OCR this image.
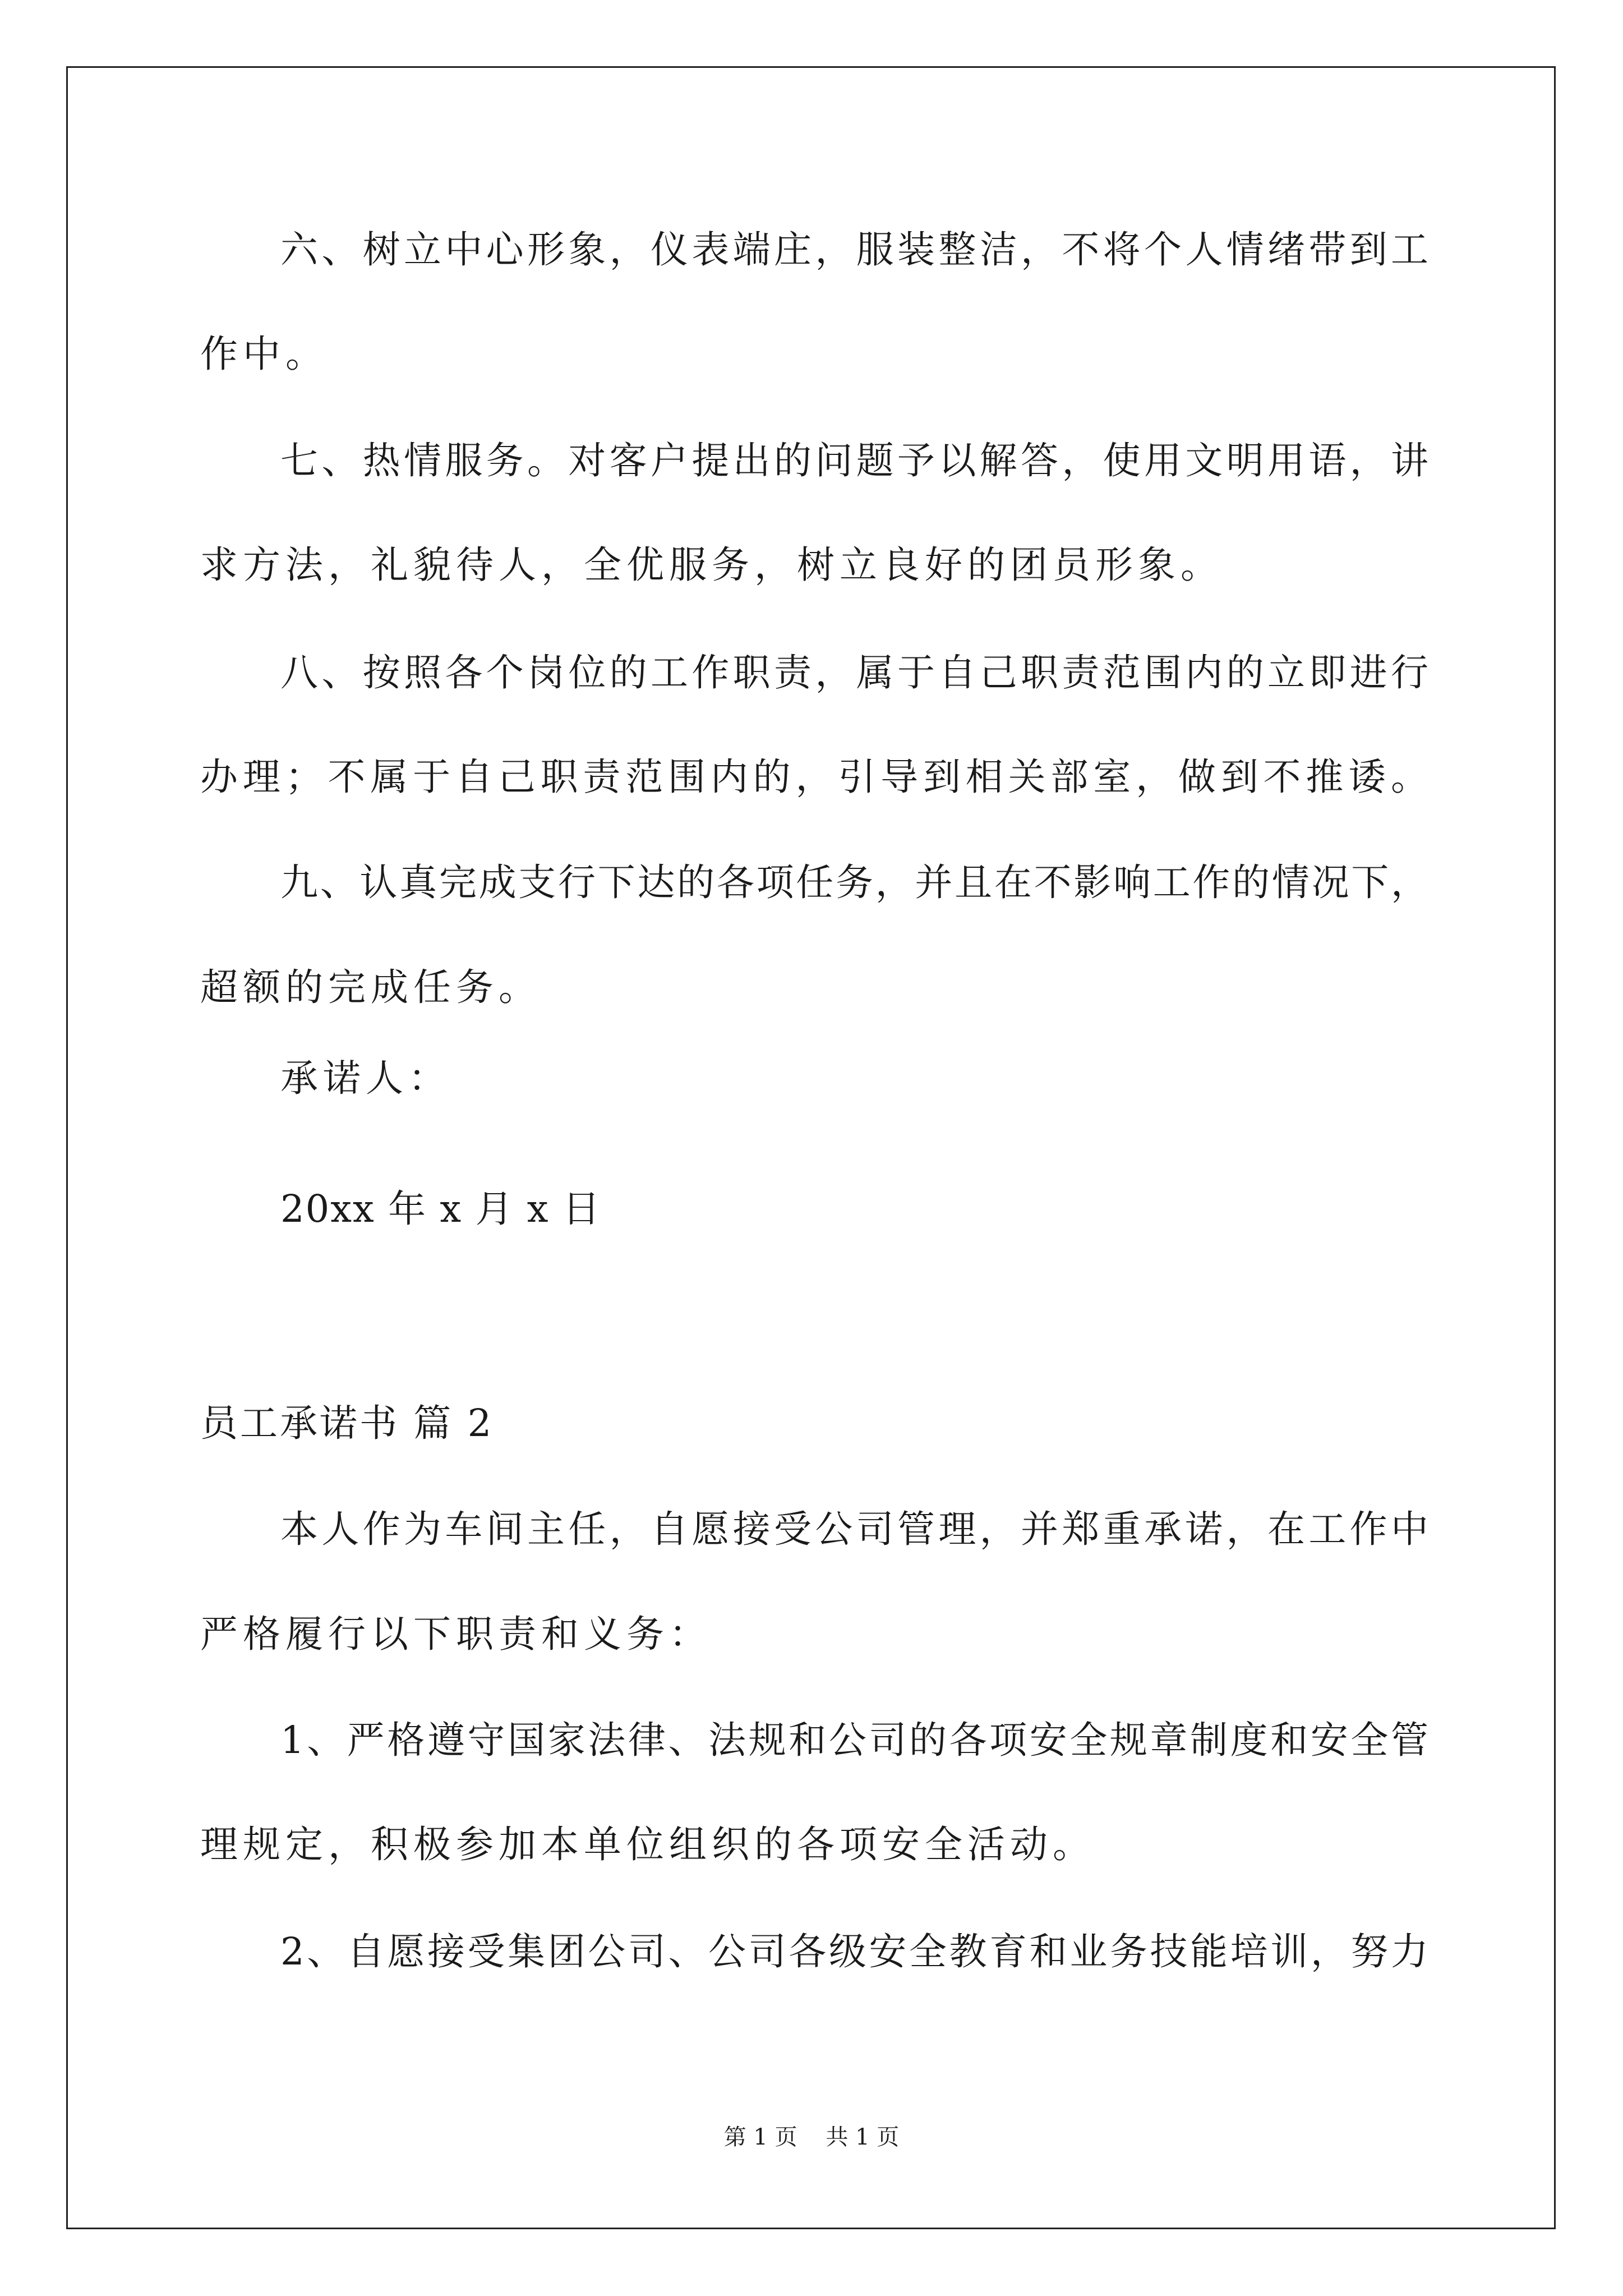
六、树立中心形象，仪表端庄，服装整洁，不将个人情绪带到工
作中。
七、热情服务。对客户提出的问题予以解答，使用文明用语，讲
求方法，礼貌待人，全优服务，树立良好的团员形象。
八、按照各个岗位的工作职责，属于自己职责范围内的立即进行
办理；不属于自己职责范围内的，引导到相关部室，做到不推诿。
九、认真完成支行下达的各项任务，并且在不影响工作的情况下，
超额的完成任务。
承诺人：
20xx 年 x 月 x 日
员工承诺书 篇 2
本人作为车间主任，自愿接受公司管理，并郑重承诺，在工作中
严格履行以下职责和义务：
1、严格遵守国家法律、法规和公司的各项安全规章制度和安全管
理规定，积极参加本单位组织的各项安全活动。
2、自愿接受集团公司、公司各级安全教育和业务技能培训，努力
第 1 页    共 1 页
